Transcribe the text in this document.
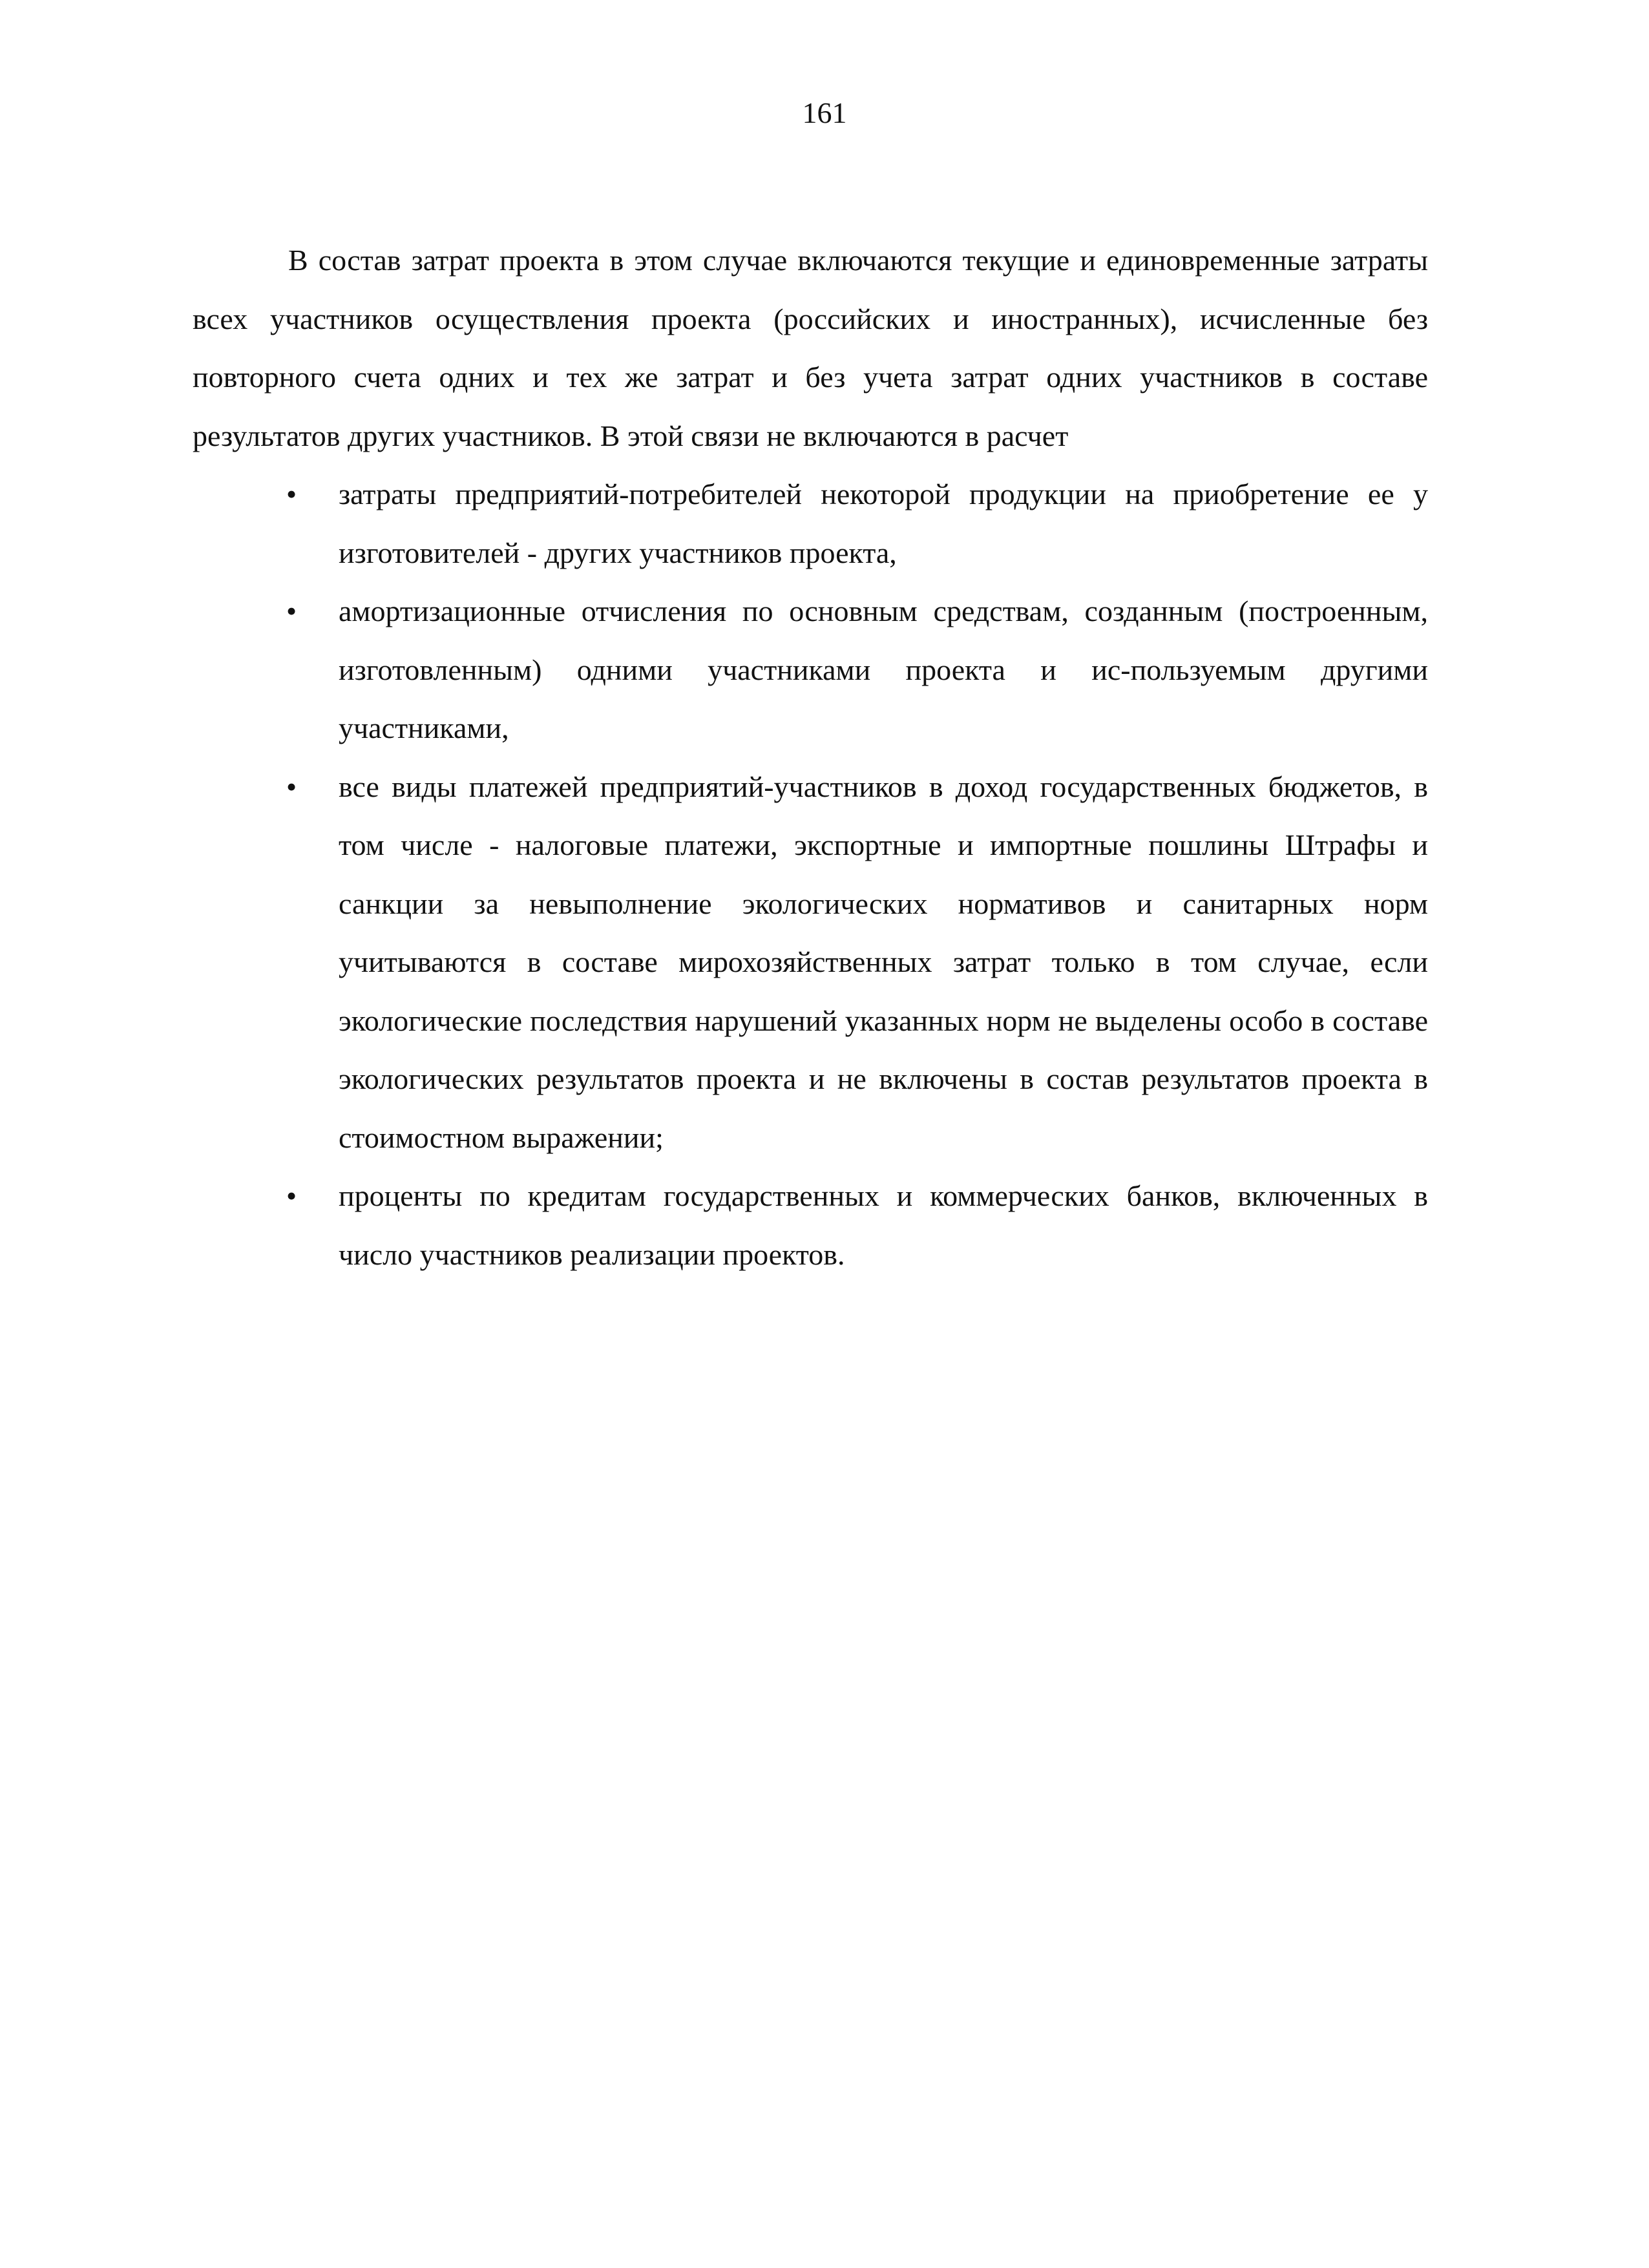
161

В состав затрат проекта в этом случае включаются текущие и единовременные затраты всех участников осуществления проекта (российских и иностранных), исчисленные без повторного счета одних и тех же затрат и без учета затрат одних участников в составе результатов других участников. В этой связи не включаются в расчет

• затраты предприятий-потребителей некоторой продукции на приобретение ее у изготовителей - других участников проекта,
• амортизационные отчисления по основным средствам, созданным (построенным, изготовленным) одними участниками проекта и ис-пользуемым другими участниками,
• все виды платежей предприятий-участников в доход государственных бюджетов, в том числе - налоговые платежи, экспортные и импортные пошлины Штрафы и санкции за невыполнение экологических нормативов и санитарных норм учитываются в составе мирохозяйственных затрат только в том случае, если экологические последствия нарушений указанных норм не выделены особо в составе экологических результатов проекта и не включены в состав результатов проекта в стоимостном выражении;
• проценты по кредитам государственных и коммерческих банков, включенных в число участников реализации проектов.
